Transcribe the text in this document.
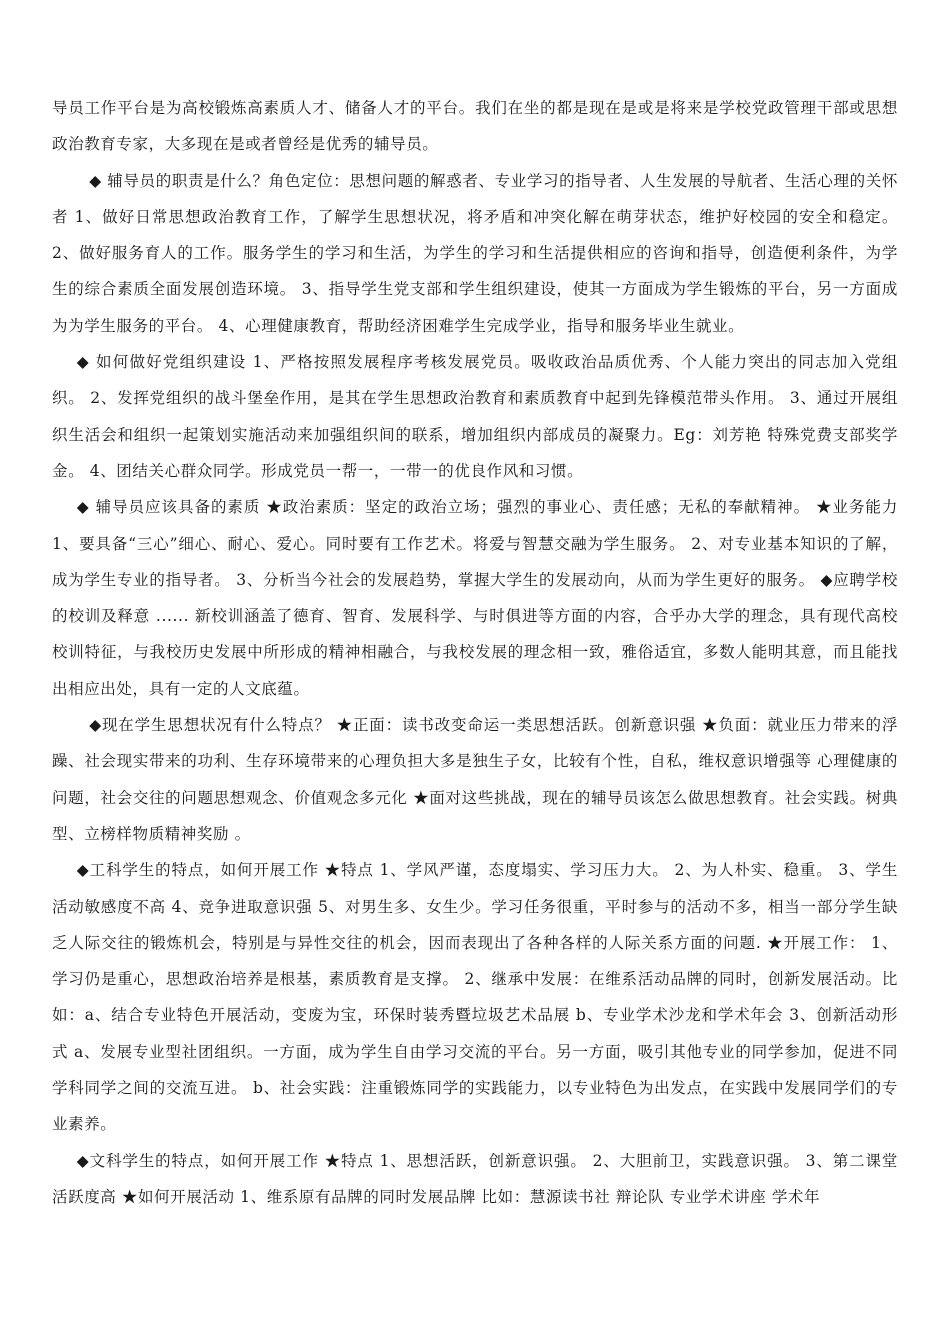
导员工作平台是为高校锻炼高素质人才、储备人才的平台。我们在坐的都是现在是或是将来是学校党政管理干部或思想政治教育专家，大多现在是或者曾经是优秀的辅导员。

◆ 辅导员的职责是什么？角色定位：思想问题的解惑者、专业学习的指导者、人生发展的导航者、生活心理的关怀者 1、做好日常思想政治教育工作，了解学生思想状况，将矛盾和冲突化解在萌芽状态，维护好校园的安全和稳定。 2、做好服务育人的工作。服务学生的学习和生活，为学生的学习和生活提供相应的咨询和指导，创造便利条件，为学生的综合素质全面发展创造环境。 3、指导学生党支部和学生组织建设，使其一方面成为学生锻炼的平台，另一方面成为为学生服务的平台。 4、心理健康教育，帮助经济困难学生完成学业，指导和服务毕业生就业。

◆ 如何做好党组织建设 1、严格按照发展程序考核发展党员。吸收政治品质优秀、个人能力突出的同志加入党组织。 2、发挥党组织的战斗堡垒作用，是其在学生思想政治教育和素质教育中起到先锋模范带头作用。 3、通过开展组织生活会和组织一起策划实施活动来加强组织间的联系，增加组织内部成员的凝聚力。Eg：刘芳艳 特殊党费支部奖学金。 4、团结关心群众同学。形成党员一帮一，一带一的优良作风和习惯。

◆ 辅导员应该具备的素质 ★政治素质：坚定的政治立场；强烈的事业心、责任感；无私的奉献精神。 ★业务能力 1、要具备“三心”细心、耐心、爱心。同时要有工作艺术。将爱与智慧交融为学生服务。 2、对专业基本知识的了解，成为学生专业的指导者。 3、分析当今社会的发展趋势，掌握大学生的发展动向，从而为学生更好的服务。 ◆应聘学校的校训及释意 ...... 新校训涵盖了德育、智育、发展科学、与时俱进等方面的内容，合乎办大学的理念，具有现代高校校训特征，与我校历史发展中所形成的精神相融合，与我校发展的理念相一致，雅俗适宜，多数人能明其意，而且能找出相应出处，具有一定的人文底蕴。

◆现在学生思想状况有什么特点？ ★正面：读书改变命运一类思想活跃。创新意识强 ★负面：就业压力带来的浮躁、社会现实带来的功利、生存环境带来的心理负担大多是独生子女，比较有个性，自私，维权意识增强等 心理健康的问题，社会交往的问题思想观念、价值观念多元化 ★面对这些挑战，现在的辅导员该怎么做思想教育。社会实践。树典型、立榜样物质精神奖励 。

◆工科学生的特点，如何开展工作 ★特点 1、学风严谨，态度塌实、学习压力大。 2、为人朴实、稳重。 3、学生活动敏感度不高 4、竞争进取意识强 5、对男生多、女生少。学习任务很重，平时参与的活动不多，相当一部分学生缺乏人际交往的锻炼机会，特别是与异性交往的机会，因而表现出了各种各样的人际关系方面的问题. ★开展工作： 1、学习仍是重心，思想政治培养是根基，素质教育是支撑。 2、继承中发展：在维系活动品牌的同时，创新发展活动。比如：a、结合专业特色开展活动，变废为宝，环保时装秀暨垃圾艺术品展 b、专业学术沙龙和学术年会 3、创新活动形式 a、发展专业型社团组织。一方面，成为学生自由学习交流的平台。另一方面，吸引其他专业的同学参加，促进不同学科同学之间的交流互进。 b、社会实践：注重锻炼同学的实践能力，以专业特色为出发点，在实践中发展同学们的专业素养。

◆文科学生的特点，如何开展工作 ★特点 1、思想活跃，创新意识强。 2、大胆前卫，实践意识强。 3、第二课堂活跃度高 ★如何开展活动 1、维系原有品牌的同时发展品牌 比如：慧源读书社 辩论队 专业学术讲座 学术年
